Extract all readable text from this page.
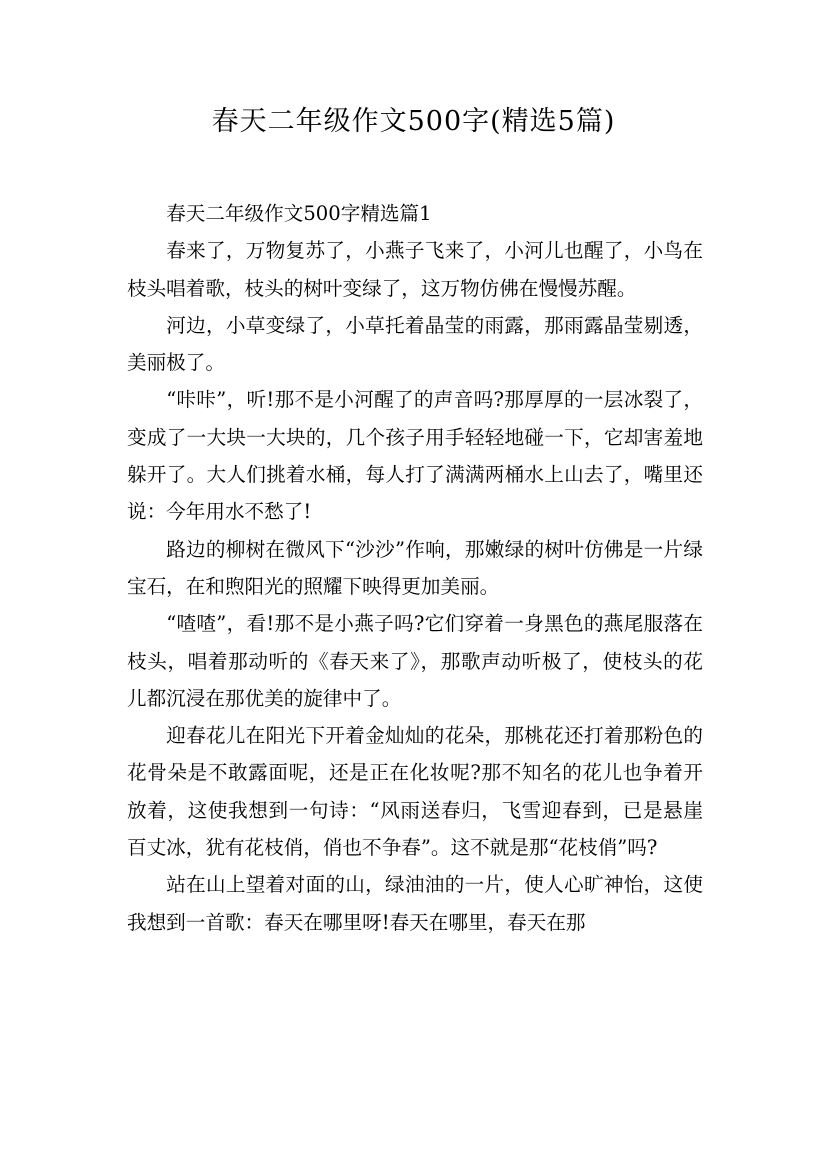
春天二年级作文500字(精选5篇)

春天二年级作文500字精选篇1

春来了，万物复苏了，小燕子飞来了，小河儿也醒了，小鸟在枝头唱着歌，枝头的树叶变绿了，这万物仿佛在慢慢苏醒。

河边，小草变绿了，小草托着晶莹的雨露，那雨露晶莹剔透，美丽极了。

“咔咔”，听!那不是小河醒了的声音吗?那厚厚的一层冰裂了，变成了一大块一大块的，几个孩子用手轻轻地碰一下，它却害羞地躲开了。大人们挑着水桶，每人打了满满两桶水上山去了，嘴里还说：今年用水不愁了!

路边的柳树在微风下“沙沙”作响，那嫩绿的树叶仿佛是一片绿宝石，在和煦阳光的照耀下映得更加美丽。

“喳喳”，看!那不是小燕子吗?它们穿着一身黑色的燕尾服落在枝头，唱着那动听的《春天来了》，那歌声动听极了，使枝头的花儿都沉浸在那优美的旋律中了。

迎春花儿在阳光下开着金灿灿的花朵，那桃花还打着那粉色的花骨朵是不敢露面呢，还是正在化妆呢?那不知名的花儿也争着开放着，这使我想到一句诗：“风雨送春归，飞雪迎春到，已是悬崖百丈冰，犹有花枝俏，俏也不争春”。这不就是那“花枝俏”吗?

站在山上望着对面的山，绿油油的一片，使人心旷神怡，这使我想到一首歌：春天在哪里呀!春天在哪里，春天在那
